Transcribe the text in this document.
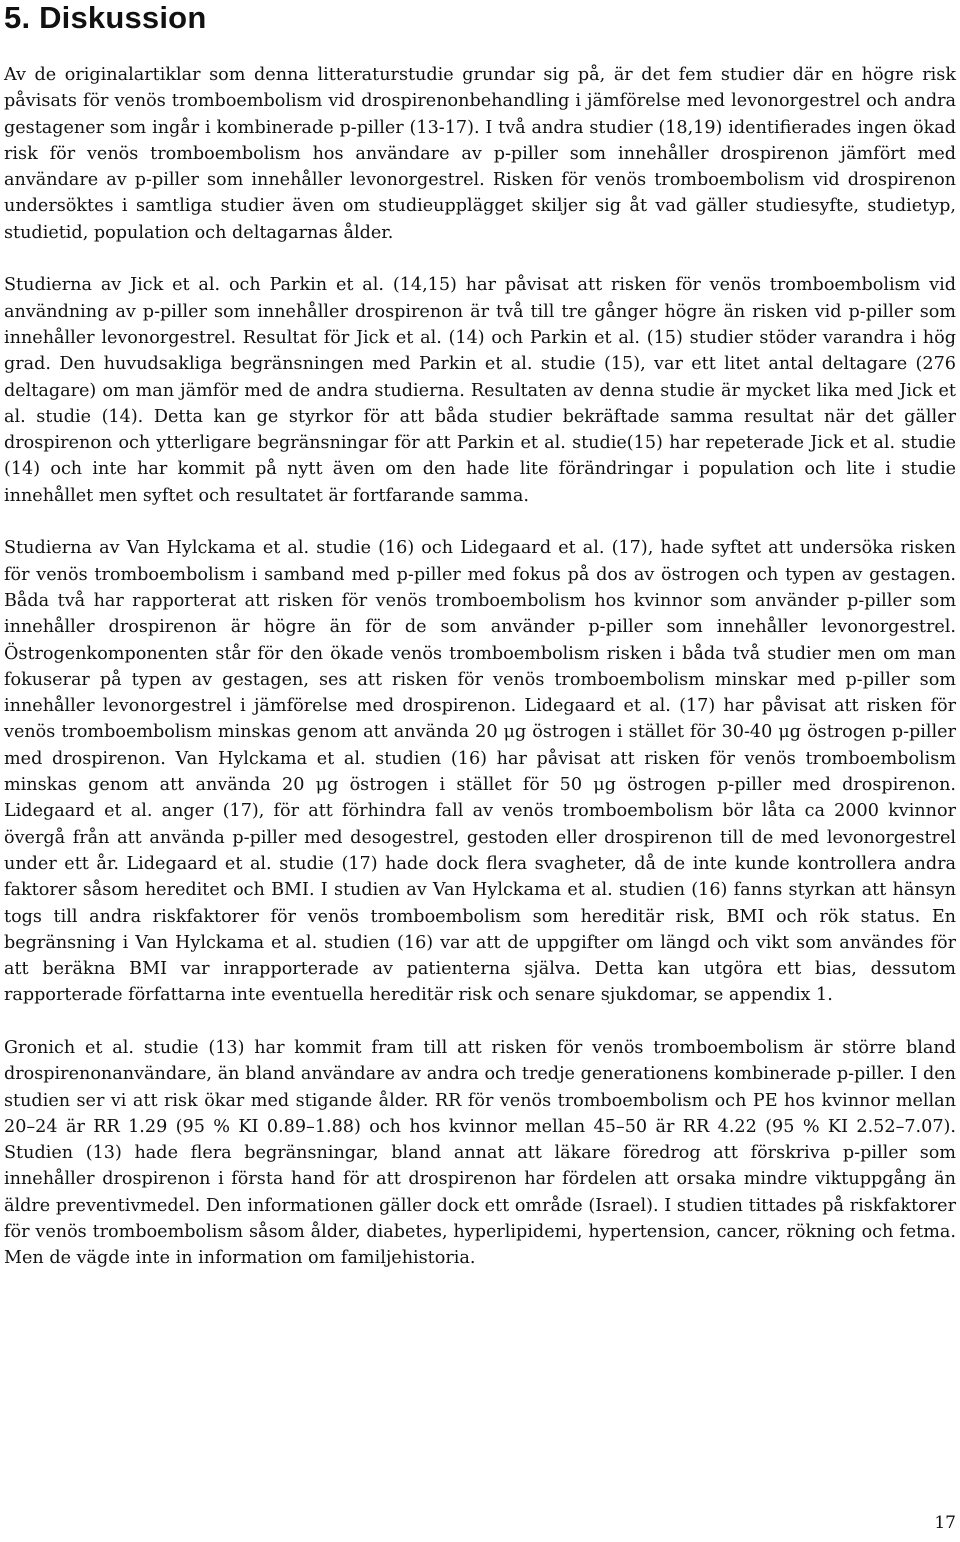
5. Diskussion

Av de originalartiklar som denna litteraturstudie grundar sig på, är det fem studier där en högre risk påvisats för venös tromboembolism vid drospirenonbehandling i jämförelse med levonorgestrel och andra gestagener som ingår i kombinerade p-piller (13-17). I två andra studier (18,19) identifierades ingen ökad risk för venös tromboembolism hos användare av p-piller som innehåller drospirenon jämfört med användare av p-piller som innehåller levonorgestrel. Risken för venös tromboembolism vid drospirenon undersöktes i samtliga studier även om studieupplägget skiljer sig åt vad gäller studiesyfte, studietyp, studietid, population och deltagarnas ålder.

Studierna av Jick et al. och Parkin et al. (14,15) har påvisat att risken för venös tromboembolism vid användning av p-piller som innehåller drospirenon är två till tre gånger högre än risken vid p-piller som innehåller levonorgestrel. Resultat för Jick et al. (14) och Parkin et al. (15) studier stöder varandra i hög grad. Den huvudsakliga begränsningen med Parkin et al. studie (15), var ett litet antal deltagare (276 deltagare) om man jämför med de andra studierna. Resultaten av denna studie är mycket lika med Jick et al. studie (14). Detta kan ge styrkor för att båda studier bekräftade samma resultat när det gäller drospirenon och ytterligare begränsningar för att Parkin et al. studie(15) har repeterade Jick et al. studie (14) och inte har kommit på nytt även om den hade lite förändringar i population och lite i studie innehållet men syftet och resultatet är fortfarande samma.

Studierna av Van Hylckama et al. studie (16) och Lidegaard et al. (17), hade syftet att undersöka risken för venös tromboembolism i samband med p-piller med fokus på dos av östrogen och typen av gestagen. Båda två har rapporterat att risken för venös tromboembolism hos kvinnor som använder p-piller som innehåller drospirenon är högre än för de som använder p-piller som innehåller levonorgestrel. Östrogenkomponenten står för den ökade venös tromboembolism risken i båda två studier men om man fokuserar på typen av gestagen, ses att risken för venös tromboembolism minskar med p-piller som innehåller levonorgestrel i jämförelse med drospirenon. Lidegaard et al. (17) har påvisat att risken för venös tromboembolism minskas genom att använda 20 μg östrogen i stället för 30-40 μg östrogen p-piller med drospirenon. Van Hylckama et al. studien (16) har påvisat att risken för venös tromboembolism minskas genom att använda 20 μg östrogen i stället för 50 μg östrogen p-piller med drospirenon. Lidegaard et al. anger (17), för att förhindra fall av venös tromboembolism bör låta ca 2000 kvinnor övergå från att använda p-piller med desogestrel, gestoden eller drospirenon till de med levonorgestrel under ett år. Lidegaard et al. studie (17) hade dock flera svagheter, då de inte kunde kontrollera andra faktorer såsom hereditet och BMI. I studien av Van Hylckama et al. studien (16) fanns styrkan att hänsyn togs till andra riskfaktorer för venös tromboembolism som hereditär risk, BMI och rök status. En begränsning i Van Hylckama et al. studien (16) var att de uppgifter om längd och vikt som användes för att beräkna BMI var inrapporterade av patienterna själva. Detta kan utgöra ett bias, dessutom rapporterade författarna inte eventuella hereditär risk och senare sjukdomar, se appendix 1.

Gronich et al. studie (13) har kommit fram till att risken för venös tromboembolism är större bland drospirenonanvändare, än bland användare av andra och tredje generationens kombinerade p-piller. I den studien ser vi att risk ökar med stigande ålder. RR för venös tromboembolism och PE hos kvinnor mellan 20–24 är RR 1.29 (95 % KI 0.89–1.88) och hos kvinnor mellan 45–50 är RR 4.22 (95 % KI 2.52–7.07). Studien (13) hade flera begränsningar, bland annat att läkare föredrog att förskriva p-piller som innehåller drospirenon i första hand för att drospirenon har fördelen att orsaka mindre viktuppgång än äldre preventivmedel. Den informationen gäller dock ett område (Israel). I studien tittades på riskfaktorer för venös tromboembolism såsom ålder, diabetes, hyperlipidemi, hypertension, cancer, rökning och fetma. Men de vägde inte in information om familjehistoria.

17
